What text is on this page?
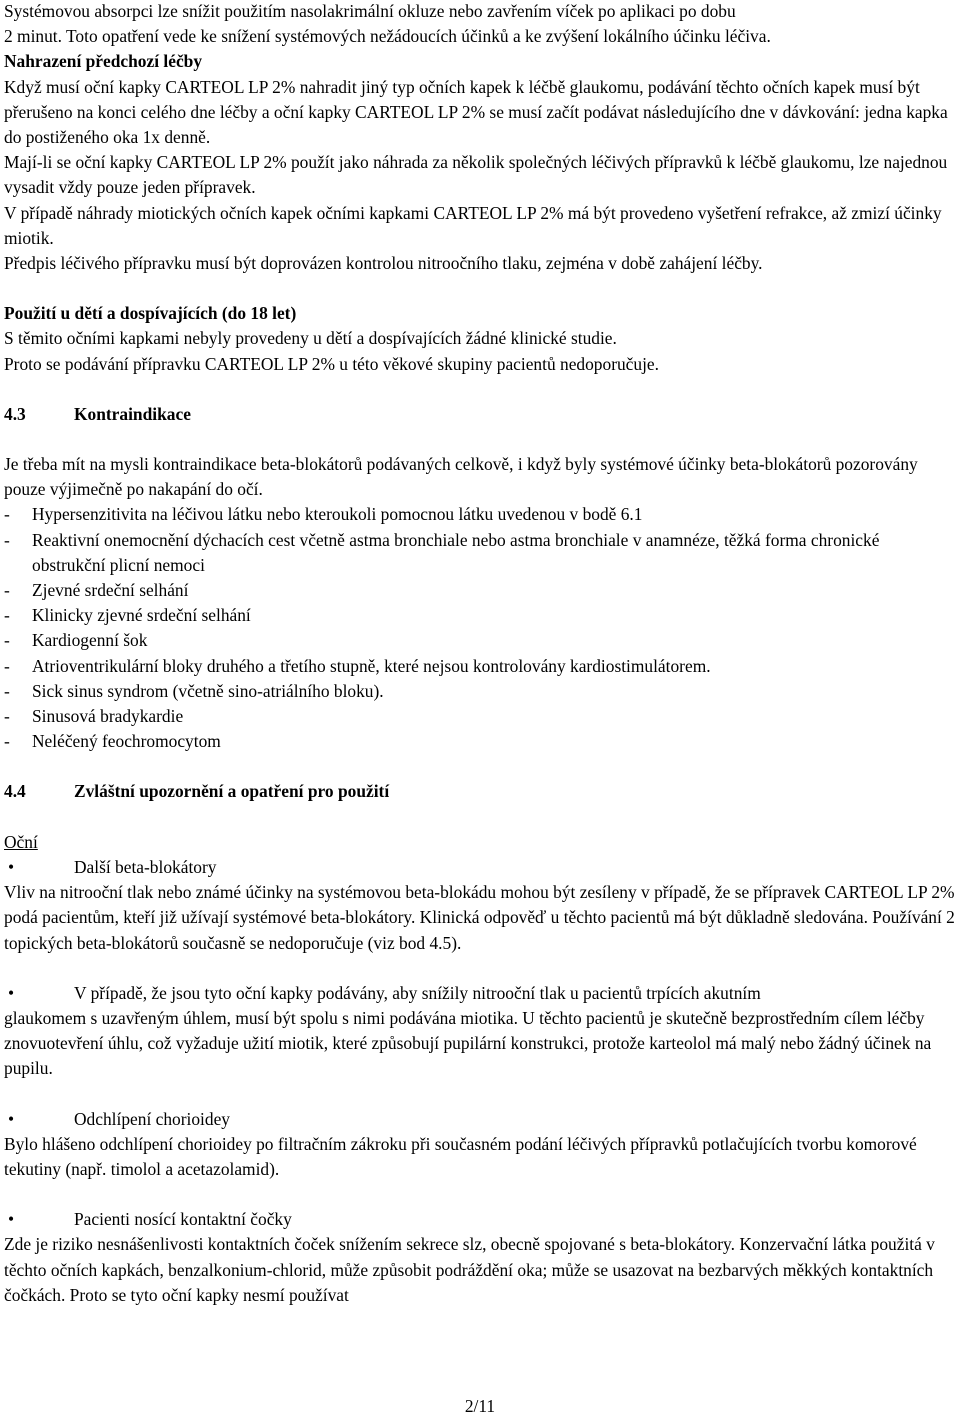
Systémovou absorpci lze snížit použitím nasolakrimální okluze nebo zavřením víček po aplikaci po dobu

2 minut. Toto opatření vede ke snížení systémových nežádoucích účinků a ke zvýšení lokálního účinku léčiva.

Nahrazení předchozí léčby

Když musí oční kapky CARTEOL LP 2% nahradit jiný typ očních kapek k léčbě glaukomu, podávání těchto očních kapek musí být přerušeno na konci celého dne léčby a oční kapky CARTEOL LP 2% se musí začít podávat následujícího dne v dávkování: jedna kapka do postiženého oka 1x denně.

Mají-li se oční kapky CARTEOL LP 2% použít jako náhrada za několik společných léčivých přípravků k léčbě glaukomu, lze najednou vysadit vždy pouze jeden přípravek.

V případě náhrady miotických očních kapek očními kapkami CARTEOL LP 2% má být provedeno vyšetření refrakce, až zmizí účinky miotik.

Předpis léčivého přípravku musí být doprovázen kontrolou nitroočního tlaku, zejména v době zahájení léčby.

Použití u dětí a dospívajících (do 18 let)

S těmito očními kapkami nebyly provedeny u dětí a dospívajících žádné klinické studie.

Proto se podávání přípravku CARTEOL LP 2% u této věkové skupiny pacientů nedoporučuje.

4.3	Kontraindikace

Je třeba mít na mysli kontraindikace beta-blokátorů podávaných celkově, i když byly systémové účinky beta-blokátorů pozorovány pouze výjimečně po nakapání do očí.

-	Hypersenzitivita na léčivou látku nebo kteroukoli pomocnou látku uvedenou v bodě 6.1
-	Reaktivní onemocnění dýchacích cest včetně astma bronchiale nebo astma bronchiale v anamnéze, těžká forma chronické obstrukční plicní nemoci
-	Zjevné srdeční selhání
-	Klinicky zjevné srdeční selhání
-	Kardiogenní šok
-	Atrioventrikulární bloky druhého a třetího stupně, které nejsou kontrolovány kardiostimulátorem.
-	Sick sinus syndrom (včetně sino-atriálního bloku).
-	Sinusová bradykardie
-	Neléčený feochromocytom
4.4	Zvláštní upozornění a opatření pro použití

Oční

•	Další beta-blokátory

Vliv na nitrooční tlak nebo známé účinky na systémovou beta-blokádu mohou být zesíleny v případě, že se přípravek CARTEOL LP 2% podá pacientům, kteří již užívají systémové beta-blokátory. Klinická odpověď u těchto pacientů má být důkladně sledována. Používání 2 topických beta-blokátorů současně se nedoporučuje (viz bod 4.5).

•	V případě, že jsou tyto oční kapky podávány, aby snížily nitrooční tlak u pacientů trpících akutním

glaukomem s uzavřeným úhlem, musí být spolu s nimi podávána miotika. U těchto pacientů je skutečně bezprostředním cílem léčby znovuotevření úhlu, což vyžaduje užití miotik, které způsobují pupilární konstrukci, protože karteolol má malý nebo žádný účinek na pupilu.

•	Odchlípení chorioidey

Bylo hlášeno odchlípení chorioidey po filtračním zákroku při současném podání léčivých přípravků potlačujících tvorbu komorové tekutiny (např. timolol a acetazolamid).

•	Pacienti nosící kontaktní čočky

Zde je riziko nesnášenlivosti kontaktních čoček snížením sekrece slz, obecně spojované s beta-blokátory. Konzervační látka použitá v těchto očních kapkách, benzalkonium-chlorid, může způsobit podráždění oka; může se usazovat na bezbarvých měkkých kontaktních čočkách. Proto se tyto oční kapky nesmí používat

2/11
